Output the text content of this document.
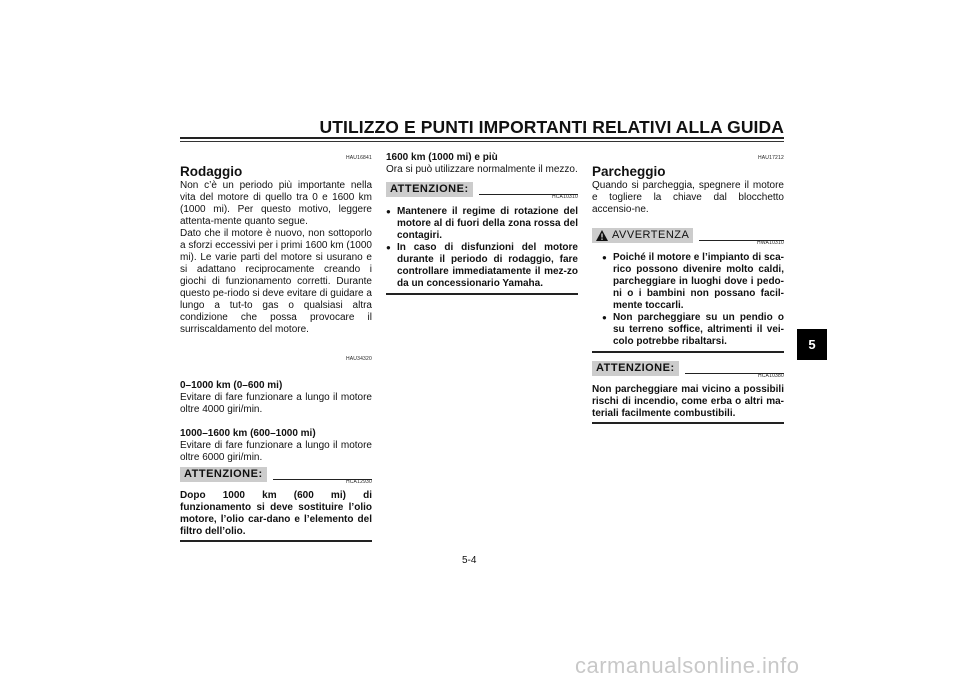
UTILIZZO E PUNTI IMPORTANTI RELATIVI ALLA GUIDA
5
HAU16841
Rodaggio
Non c’è un periodo più importante nella vita del motore di quello tra 0 e 1600 km (1000 mi). Per questo motivo, leggere attenta-mente quanto segue.
Dato che il motore è nuovo, non sottoporlo a sforzi eccessivi per i primi 1600 km (1000 mi). Le varie parti del motore si usurano e si adattano reciprocamente creando i giochi di funzionamento corretti. Durante questo pe-riodo si deve evitare di guidare a lungo a tut-to gas o qualsiasi altra condizione che possa provocare il surriscaldamento del motore.
HAU34320
0–1000 km (0–600 mi)
Evitare di fare funzionare a lungo il motore oltre 4000 giri/min.
1000–1600 km (600–1000 mi)
Evitare di fare funzionare a lungo il motore oltre 6000 giri/min.
ATTENZIONE:
HCA12930
Dopo 1000 km (600 mi) di funzionamento si deve sostituire l’olio motore, l’olio car-dano e l’elemento del filtro dell’olio.
1600 km (1000 mi) e più
Ora si può utilizzare normalmente il mezzo.
ATTENZIONE:
HCA10310
● Mantenere il regime di rotazione del motore al di fuori della zona rossa del contagiri.
● In caso di disfunzioni del motore durante il periodo di rodaggio, fare controllare immediatamente il mez-zo da un concessionario Yamaha.
HAU17212
Parcheggio
Quando si parcheggia, spegnere il motore e togliere la chiave dal blocchetto accensio-ne.
AVVERTENZA
HWA10310
● Poiché il motore e l’impianto di sca-rico possono divenire molto caldi, parcheggiare in luoghi dove i pedo-ni o i bambini non possano facil-mente toccarli.
● Non parcheggiare su un pendio o su terreno soffice, altrimenti il vei-colo potrebbe ribaltarsi.
ATTENZIONE:
HCA10380
Non parcheggiare mai vicino a possibili rischi di incendio, come erba o altri ma-teriali facilmente combustibili.
5-4
carmanualsonline.info
